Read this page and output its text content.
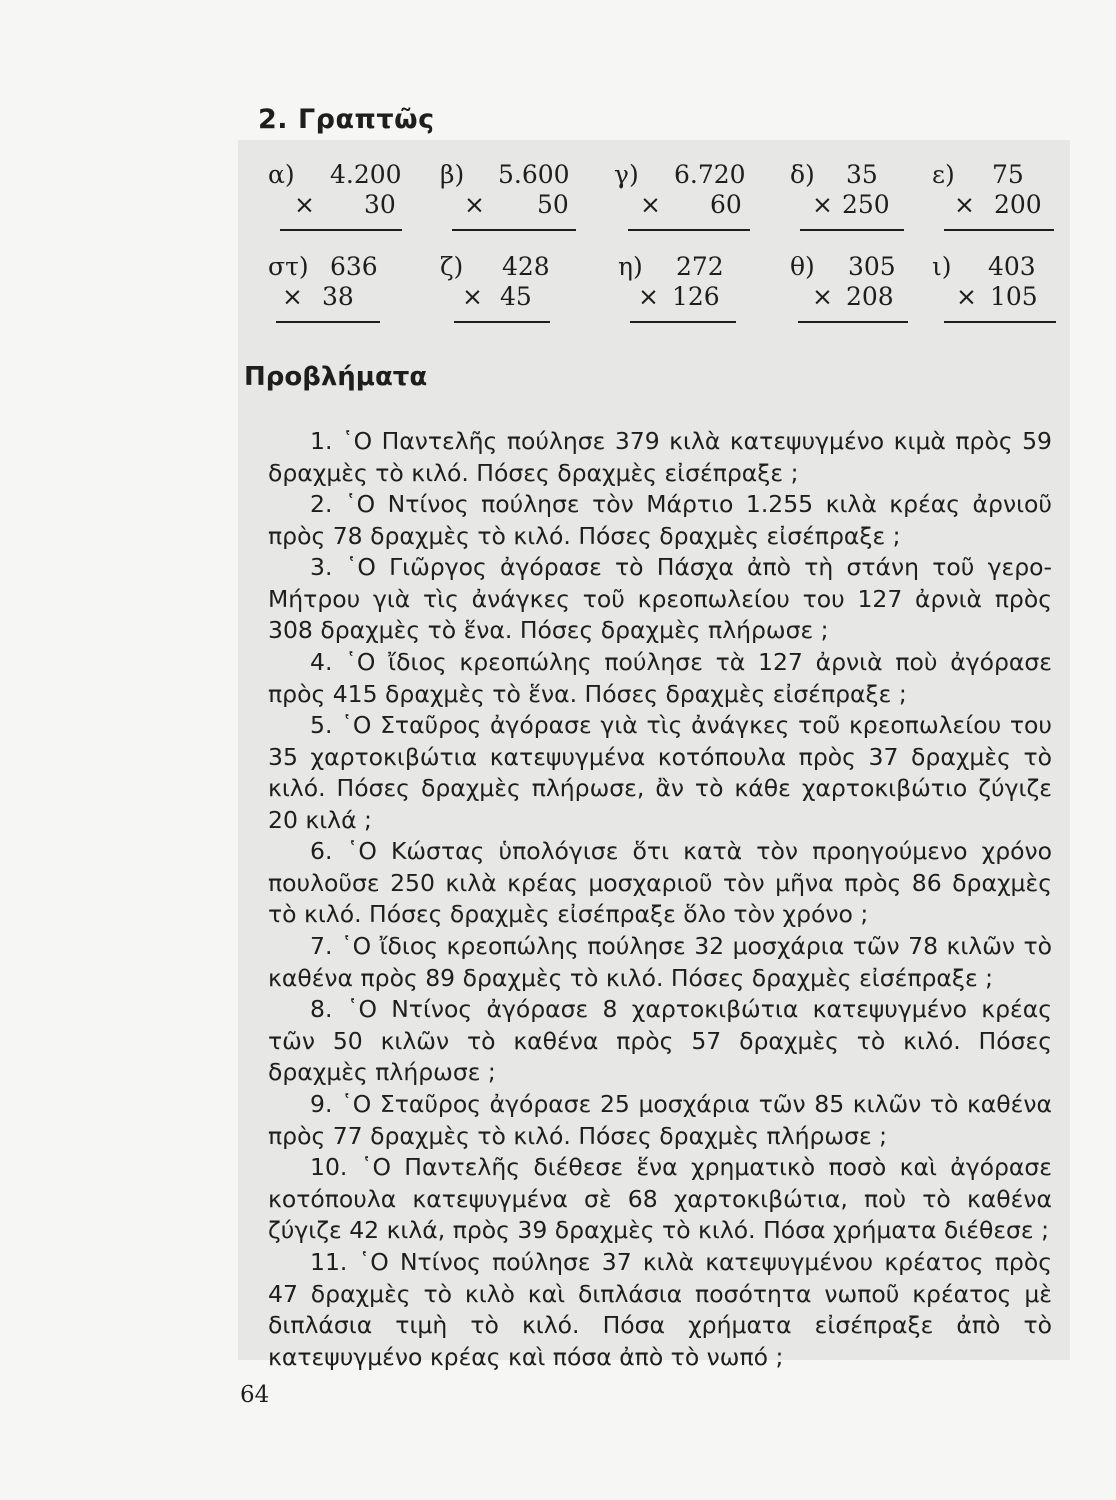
2. Γραπτῶς
α) 4.200
× 30
β) 5.600
× 50
γ) 6.720
× 60
δ) 35
× 250
ε) 75
× 200
στ) 636
× 38
ζ) 428
× 45
η) 272
× 126
θ) 305
× 208
ι) 403
× 105
Προβλήματα
1. ῾Ο Παντελῆς πούλησε 379 κιλὰ κατεψυγμένο κιμὰ πρὸς 59 δραχμὲς τὸ κιλό. Πόσες δραχμὲς εἰσέπραξε ;
2. ῾Ο Ντίνος πούλησε τὸν Μάρτιο 1.255 κιλὰ κρέας ἀρνιοῦ πρὸς 78 δραχμὲς τὸ κιλό. Πόσες δραχμὲς εἰσέπραξε ;
3. ῾Ο Γιῶργος ἀγόρασε τὸ Πάσχα ἀπὸ τὴ στάνη τοῦ γερο-Μήτρου γιὰ τὶς ἀνάγκες τοῦ κρεοπωλείου του 127 ἀρνιὰ πρὸς 308 δραχμὲς τὸ ἕνα. Πόσες δραχμὲς πλήρωσε ;
4. ῾Ο ἴδιος κρεοπώλης πούλησε τὰ 127 ἀρνιὰ ποὺ ἀγόρασε πρὸς 415 δραχμὲς τὸ ἕνα. Πόσες δραχμὲς εἰσέπραξε ;
5. ῾Ο Σταῦρος ἀγόρασε γιὰ τὶς ἀνάγκες τοῦ κρεοπωλείου του 35 χαρτοκιβώτια κατεψυγμένα κοτόπουλα πρὸς 37 δραχμὲς τὸ κιλό. Πόσες δραχμὲς πλήρωσε, ἂν τὸ κάθε χαρτοκιβώτιο ζύγιζε 20 κιλά ;
6. ῾Ο Κώστας ὑπολόγισε ὅτι κατὰ τὸν προηγούμενο χρόνο πουλοῦσε 250 κιλὰ κρέας μοσχαριοῦ τὸν μῆνα πρὸς 86 δραχμὲς τὸ κιλό. Πόσες δραχμὲς εἰσέπραξε ὅλο τὸν χρόνο ;
7. ῾Ο ἴδιος κρεοπώλης πούλησε 32 μοσχάρια τῶν 78 κιλῶν τὸ καθένα πρὸς 89 δραχμὲς τὸ κιλό. Πόσες δραχμὲς εἰσέπραξε ;
8. ῾Ο Ντίνος ἀγόρασε 8 χαρτοκιβώτια κατεψυγμένο κρέας τῶν 50 κιλῶν τὸ καθένα πρὸς 57 δραχμὲς τὸ κιλό. Πόσες δραχμὲς πλήρωσε ;
9. ῾Ο Σταῦρος ἀγόρασε 25 μοσχάρια τῶν 85 κιλῶν τὸ καθένα πρὸς 77 δραχμὲς τὸ κιλό. Πόσες δραχμὲς πλήρωσε ;
10. ῾Ο Παντελῆς διέθεσε ἕνα χρηματικὸ ποσὸ καὶ ἀγόρασε κοτόπουλα κατεψυγμένα σὲ 68 χαρτοκιβώτια, ποὺ τὸ καθένα ζύγιζε 42 κιλά, πρὸς 39 δραχμὲς τὸ κιλό. Πόσα χρήματα διέθεσε ;
11. ῾Ο Ντίνος πούλησε 37 κιλὰ κατεψυγμένου κρέατος πρὸς 47 δραχμὲς τὸ κιλὸ καὶ διπλάσια ποσότητα νωποῦ κρέατος μὲ διπλάσια τιμὴ τὸ κιλό. Πόσα χρήματα εἰσέπραξε ἀπὸ τὸ κατεψυγμένο κρέας καὶ πόσα ἀπὸ τὸ νωπό ;
64
